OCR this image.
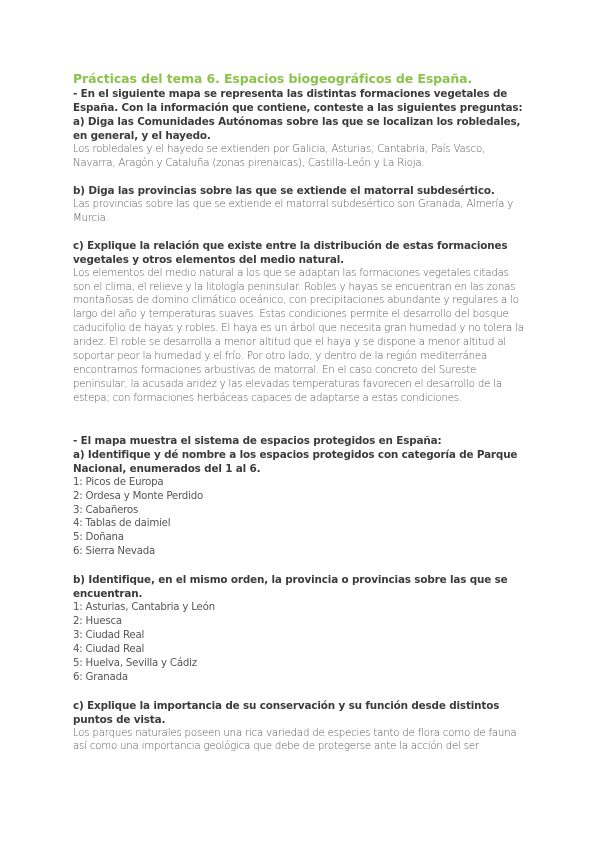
Prácticas del tema 6. Espacios biogeográficos de España.

- En el siguiente mapa se representa las distintas formaciones vegetales de España. Con la información que contiene, conteste a las siguientes preguntas:

a) Diga las Comunidades Autónomas sobre las que se localizan los robledales, en general, y el hayedo.

Los robledales y el hayedo se extienden por Galicia, Asturias, Cantabria, País Vasco, Navarra, Aragón y Cataluña (zonas pirenaicas), Castilla-León y La Rioja.

b) Diga las provincias sobre las que se extiende el matorral subdesértico.

Las provincias sobre las que se extiende el matorral subdesértico son Granada, Almería y Murcia.

c) Explique la relación que existe entre la distribución de estas formaciones vegetales y otros elementos del medio natural.

Los elementos del medio natural a los que se adaptan las formaciones vegetales citadas son el clima, el relieve y la litología peninsular. Robles y hayas se encuentran en las zonas montañosas de domino climático oceánico, con precipitaciones abundante y regulares a lo largo del año y temperaturas suaves. Estas condiciones permite el desarrollo del bosque caducifolio de hayas y robles. El haya es un árbol que necesita gran humedad y no tolera la aridez. El roble se desarrolla a menor altitud que el haya y se dispone a menor altitud al soportar peor la humedad y el frío. Por otro lado, y dentro de la región mediterránea encontramos formaciones arbustivas de matorral. En el caso concreto del Sureste peninsular, la acusada aridez y las elevadas temperaturas favorecen el desarrollo de la estepa; con formaciones herbáceas capaces de adaptarse a estas condiciones.

- El mapa muestra el sistema de espacios protegidos en España:

a) Identifique y dé nombre a los espacios protegidos con categoría de Parque Nacional, enumerados del 1 al 6.

1: Picos de Europa
2: Ordesa y Monte Perdido
3: Cabañeros
4: Tablas de daimiel
5: Doñana
6: Sierra Nevada

b) Identifique, en el mismo orden, la provincia o provincias sobre las que se encuentran.

1: Asturias, Cantabria y León
2: Huesca
3: Ciudad Real
4: Ciudad Real
5: Huelva, Sevilla y Cádiz
6: Granada

c) Explique la importancia de su conservación y su función desde distintos puntos de vista.

Los parques naturales poseen una rica variedad de especies tanto de flora como de fauna así como una importancia geológica que debe de protegerse ante la acción del ser
